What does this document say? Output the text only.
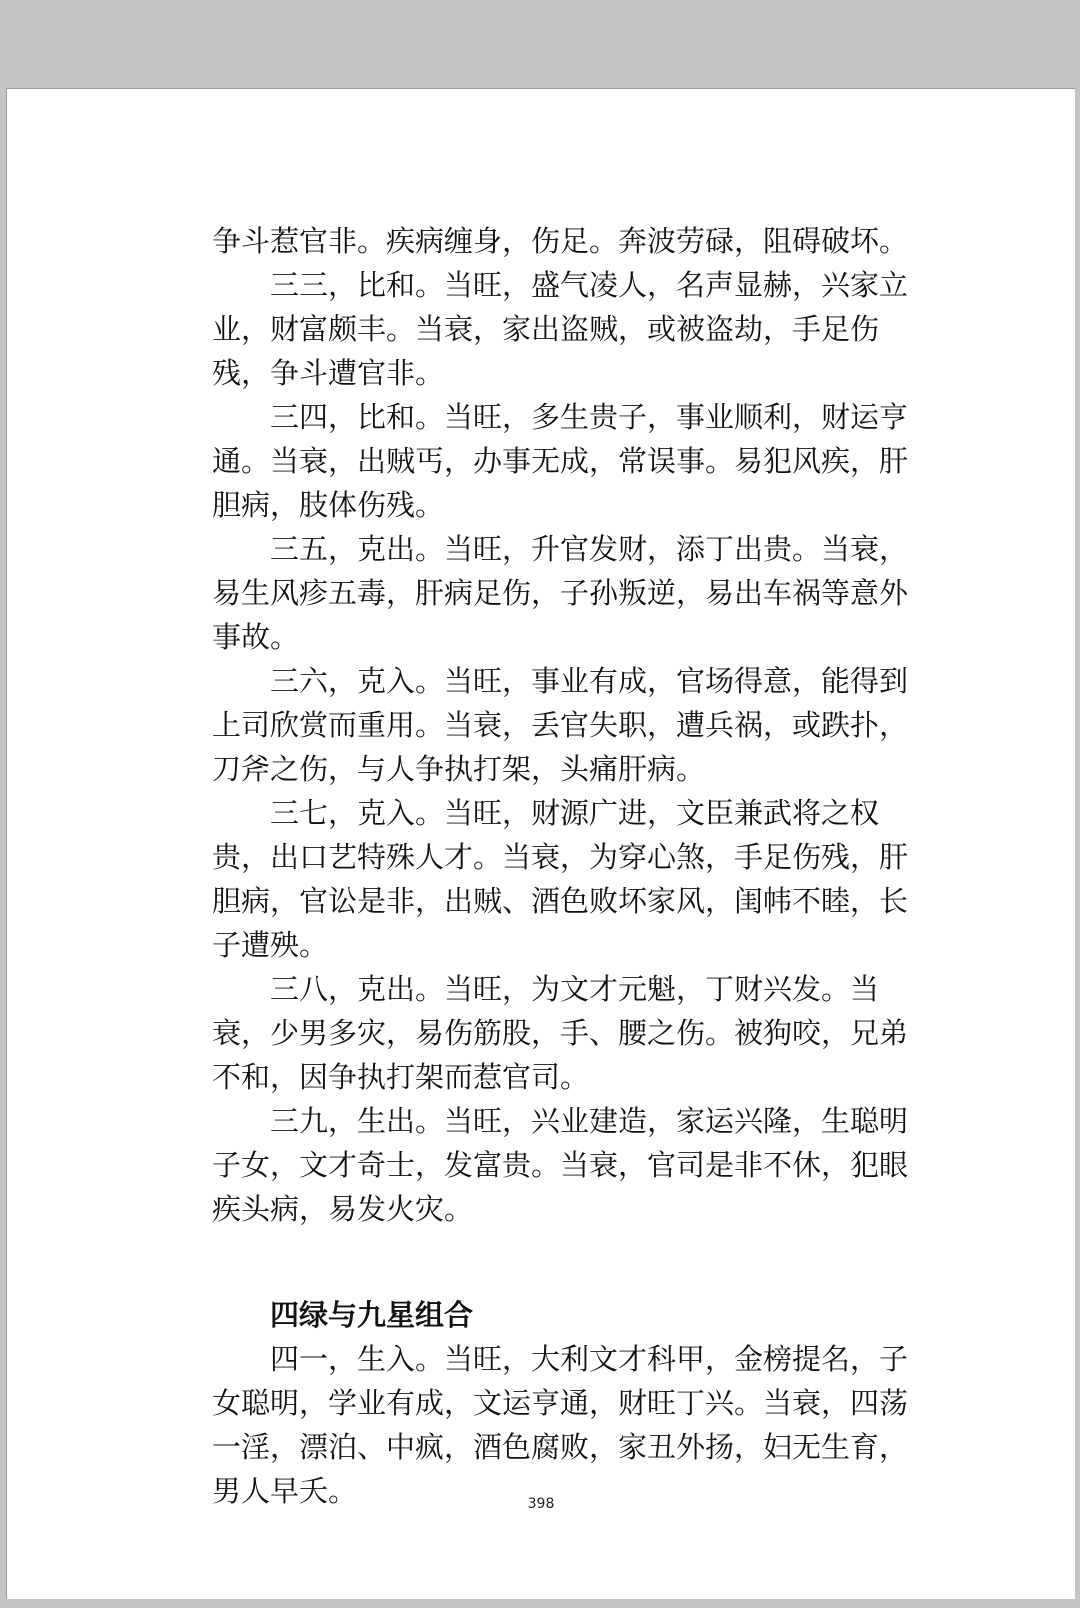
争斗惹官非。疾病缠身，伤足。奔波劳碌，阻碍破坏。

三三，比和。当旺，盛气凌人，名声显赫，兴家立业，财富颇丰。当衰，家出盗贼，或被盗劫，手足伤残，争斗遭官非。

三四，比和。当旺，多生贵子，事业顺利，财运亨通。当衰，出贼丐，办事无成，常误事。易犯风疾，肝胆病，肢体伤残。

三五，克出。当旺，升官发财，添丁出贵。当衰，易生风疹五毒，肝病足伤，子孙叛逆，易出车祸等意外事故。

三六，克入。当旺，事业有成，官场得意，能得到上司欣赏而重用。当衰，丢官失职，遭兵祸，或跌扑，刀斧之伤，与人争执打架，头痛肝病。

三七，克入。当旺，财源广进，文臣兼武将之权贵，出口艺特殊人才。当衰，为穿心煞，手足伤残，肝胆病，官讼是非，出贼、酒色败坏家风，闺帏不睦，长子遭殃。

三八，克出。当旺，为文才元魁，丁财兴发。当衰，少男多灾，易伤筋股，手、腰之伤。被狗咬，兄弟不和，因争执打架而惹官司。

三九，生出。当旺，兴业建造，家运兴隆，生聪明子女，文才奇士，发富贵。当衰，官司是非不休，犯眼疾头病，易发火灾。

四绿与九星组合

四一，生入。当旺，大利文才科甲，金榜提名，子女聪明，学业有成，文运亨通，财旺丁兴。当衰，四荡一淫，漂泊、中疯，酒色腐败，家丑外扬，妇无生育，男人早夭。	398
